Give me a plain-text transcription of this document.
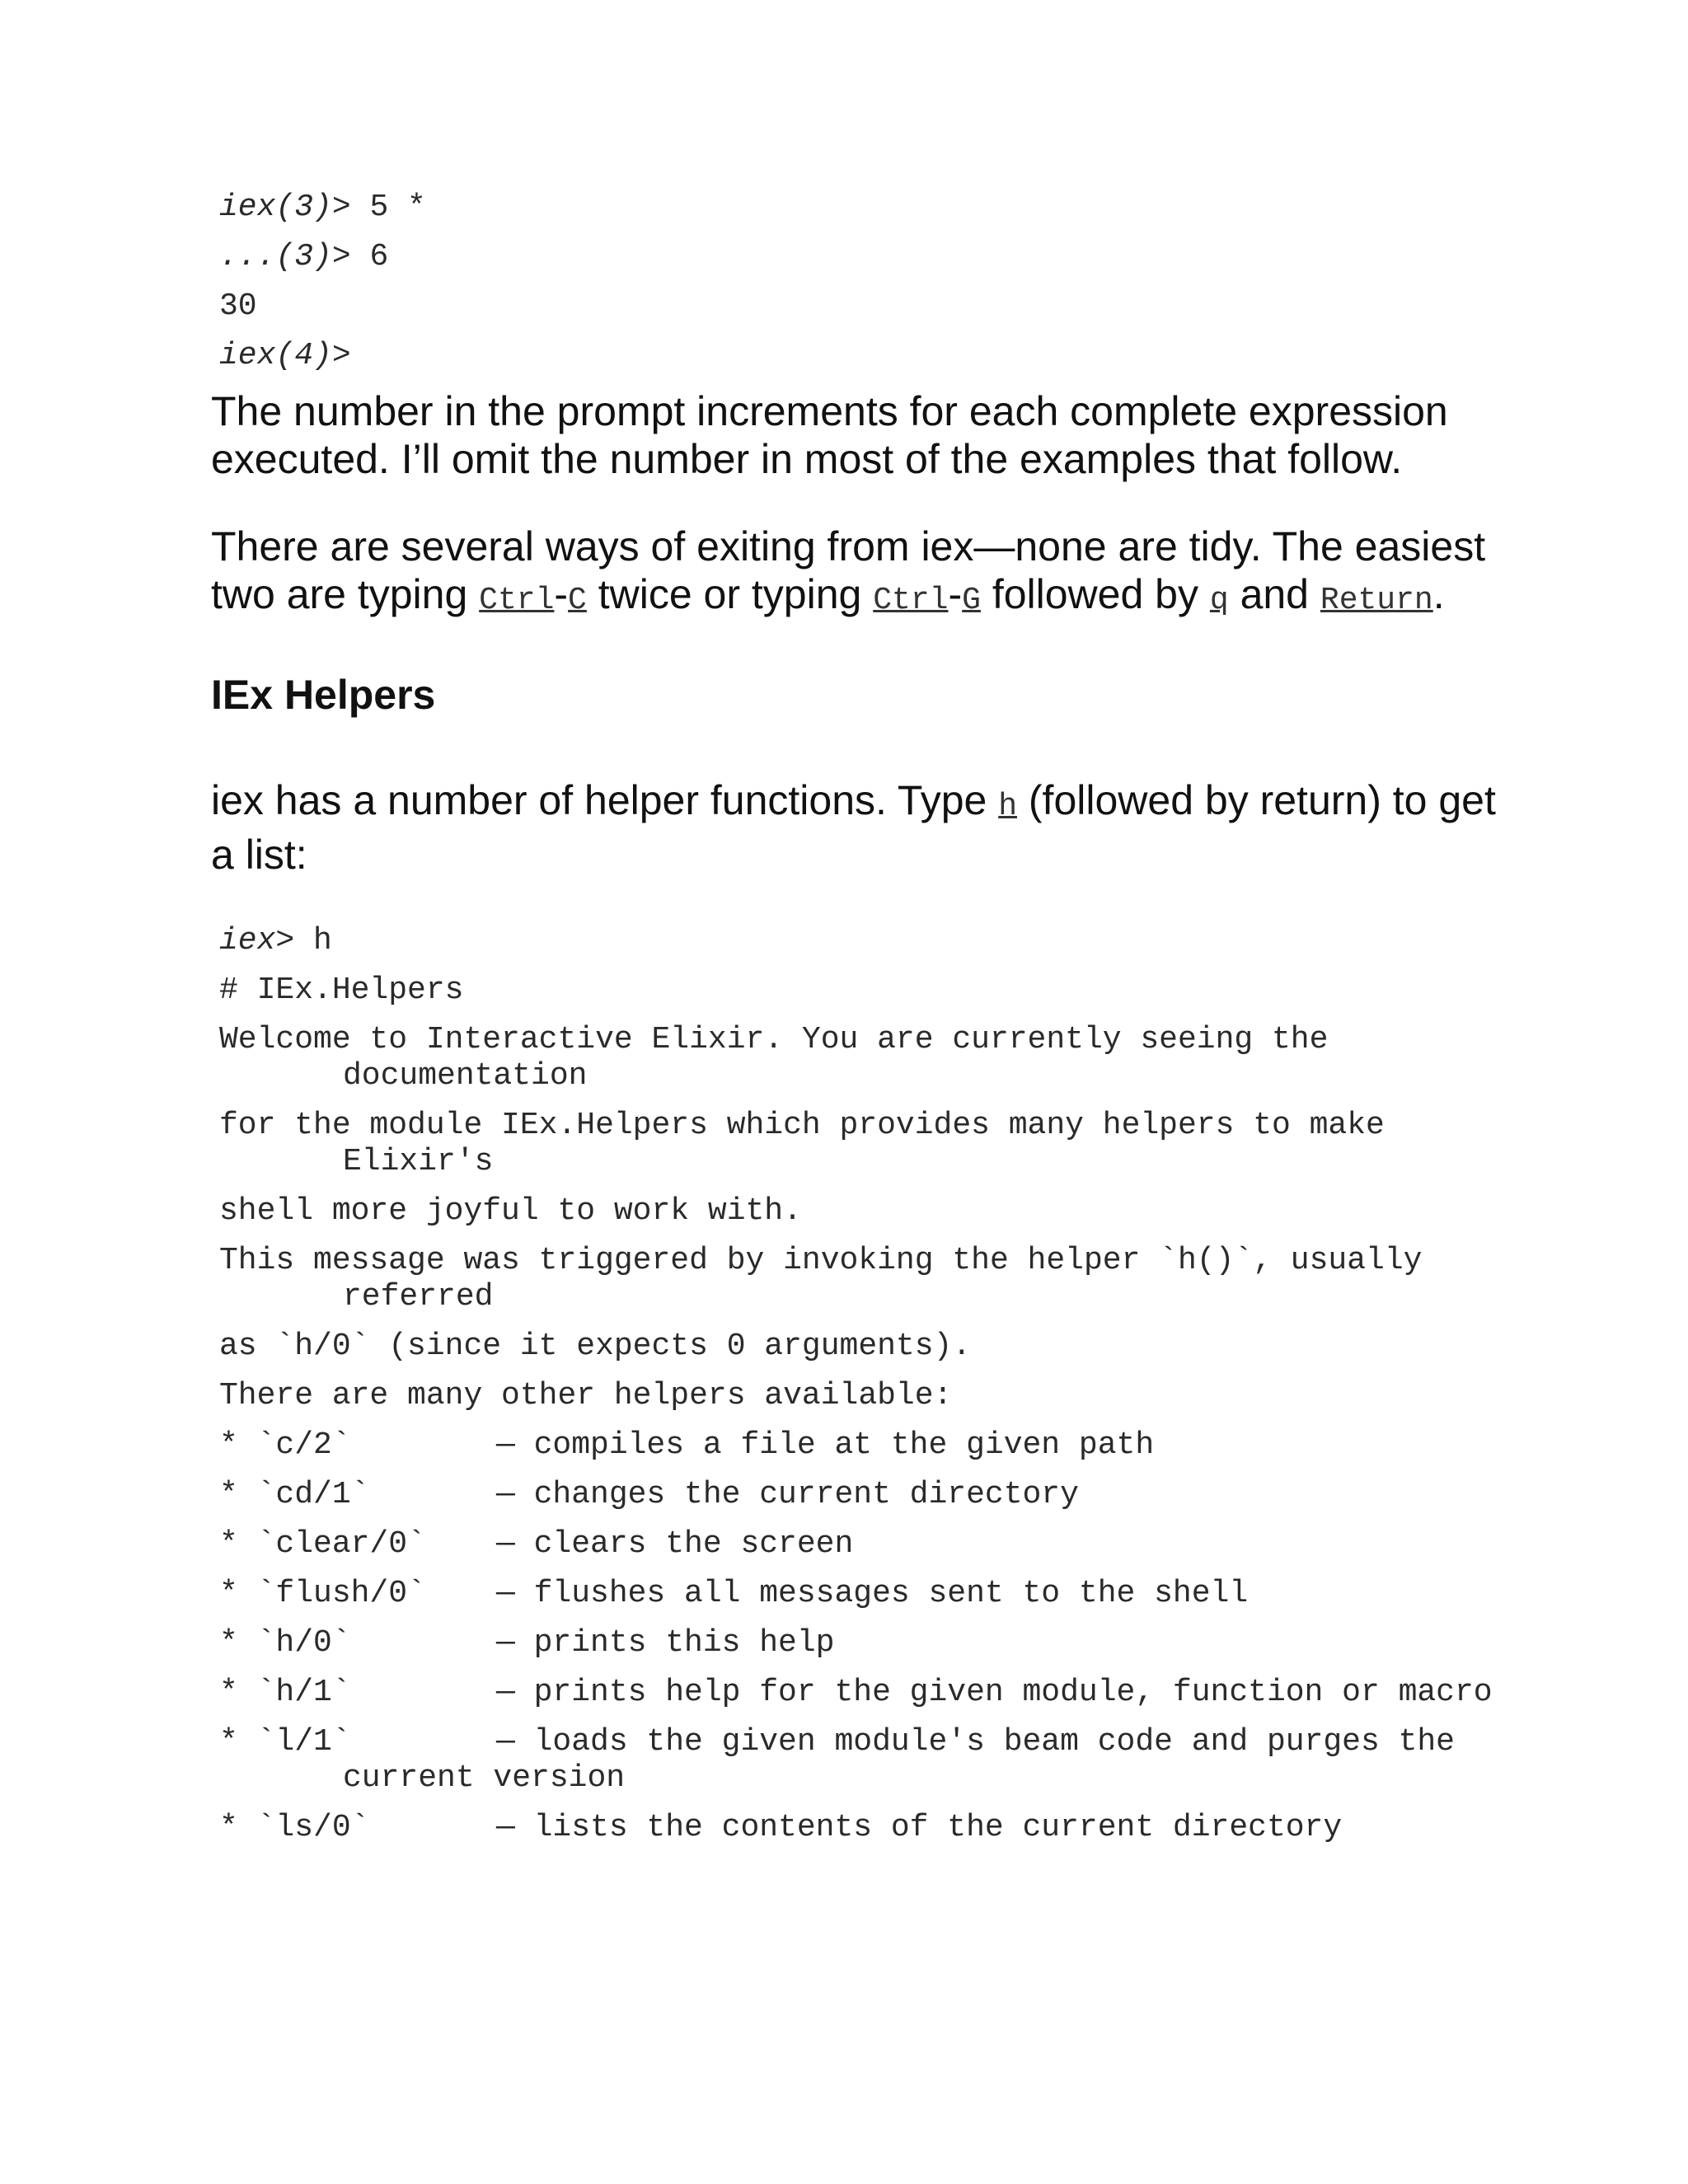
iex(3)> 5 *
...(3)> 6
30
iex(4)>

The number in the prompt increments for each complete expression executed. I’ll omit the number in most of the examples that follow.

There are several ways of exiting from iex—none are tidy. The easiest two are typing Ctrl-C twice or typing Ctrl-G followed by q and Return.

IEx Helpers

iex has a number of helper functions. Type h (followed by return) to get a list:

iex> h
# IEx.Helpers
Welcome to Interactive Elixir. You are currently seeing the documentation
for the module IEx.Helpers which provides many helpers to make Elixir's
shell more joyful to work with.
This message was triggered by invoking the helper `h()`, usually referred
as `h/0` (since it expects 0 arguments).
There are many other helpers available:
* `c/2`	— compiles a file at the given path
* `cd/1`	— changes the current directory
* `clear/0` — clears the screen
* `flush/0` — flushes all messages sent to the shell
* `h/0`	— prints this help
* `h/1`	— prints help for the given module, function or macro
* `l/1`	— loads the given module's beam code and purges the current version
* `ls/0`	— lists the contents of the current directory
